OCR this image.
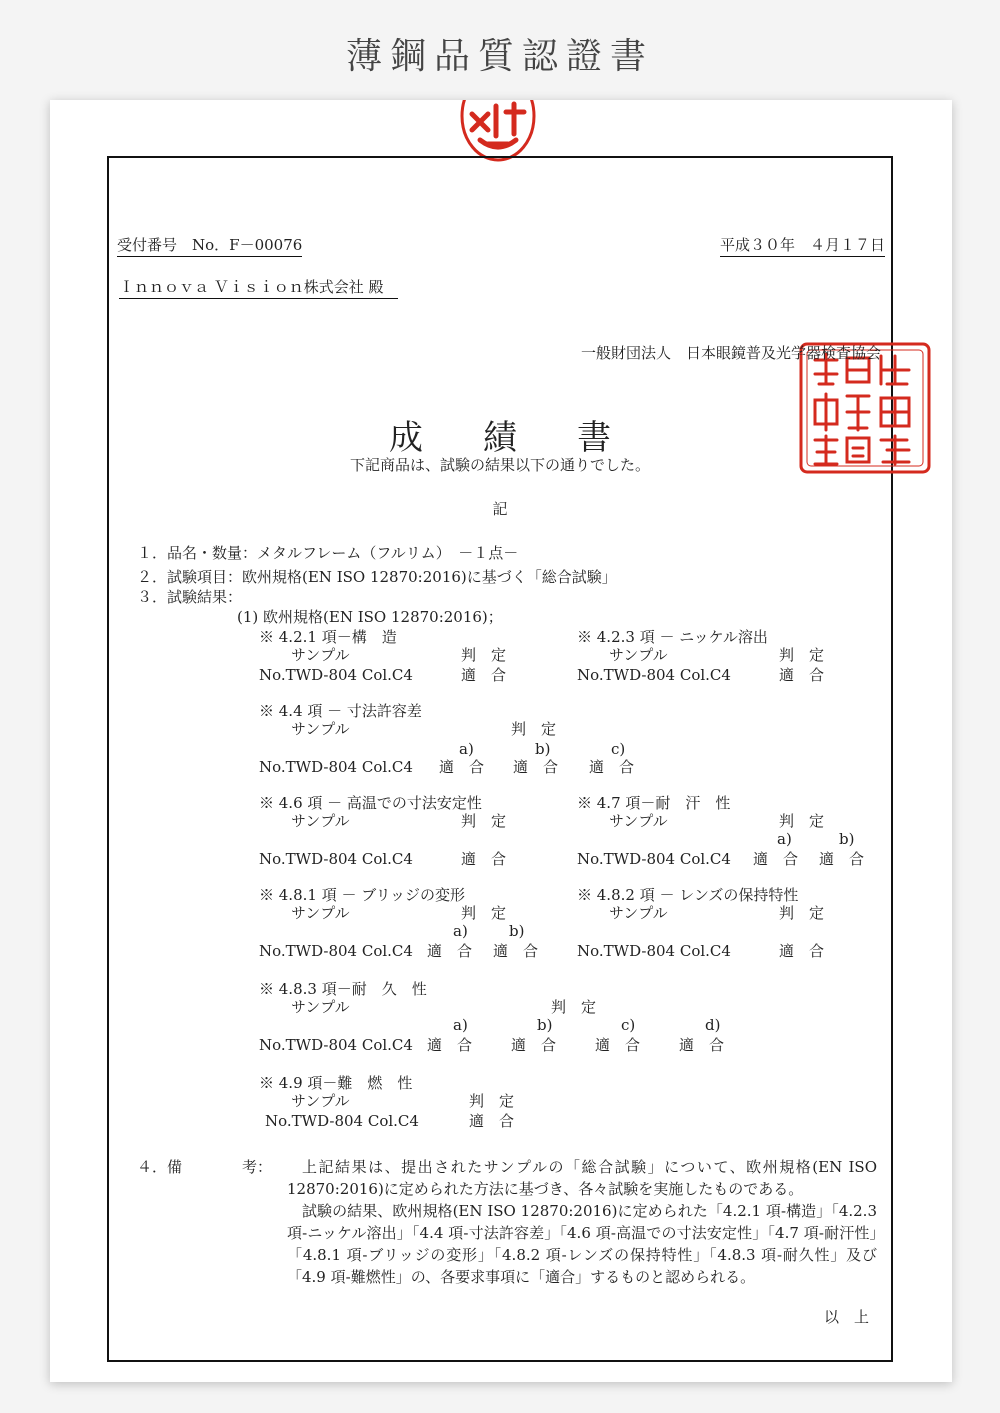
薄鋼品質認證書
受付番号　No．F－00076	平成３０年　４月１７日
Ｉｎｎｏｖａ Ｖｉｓｉｏｎ株式会社 殿
一般財団法人　日本眼鏡普及光学器検査協会
成績書
下記商品は、試験の結果以下の通りでした。
記
１．品名・数量：メタルフレーム（フルリム）　－１点－
２．試験項目：欧州規格(EN ISO 12870:2016)に基づく「総合試験」
３．試験結果：
(1) 欧州規格(EN ISO 12870:2016)；
※ 4.2.1 項－構　造
サンプル	判　定
No.TWD-804 Col.C4	適　合
※ 4.2.3 項 － ニッケル溶出
サンプル	判　定
No.TWD-804 Col.C4	適　合
※ 4.4 項 － 寸法許容差
サンプル	判　定
a)	b)	c)
No.TWD-804 Col.C4 適　合 適　合 適　合
※ 4.6 項 － 高温での寸法安定性
サンプル	判　定
No.TWD-804 Col.C4	適　合
※ 4.7 項－耐　汗　性
サンプル	判　定
a)	b)
No.TWD-804 Col.C4 適　合 適　合
※ 4.8.1 項 － ブリッジの変形
サンプル	判　定
a)	b)
No.TWD-804 Col.C4 適　合 適　合
※ 4.8.2 項 － レンズの保持特性
サンプル	判　定
No.TWD-804 Col.C4	適　合
※ 4.8.3 項－耐　久　性
サンプル	判　定
a)	b)	c)	d)
No.TWD-804 Col.C4 適　合	適　合	適　合	適　合
※ 4.9 項－難　燃　性
サンプル	判　定
No.TWD-804 Col.C4	適　合
４．備　　　　考：	上記結果は、提出されたサンプルの「総合試験」について、欧州規格(EN ISO 12870:2016)に定められた方法に基づき、各々試験を実施したものである。

試験の結果、欧州規格(EN ISO 12870:2016)に定められた「4.2.1 項-構造」「4.2.3 項-ニッケル溶出」「4.4 項-寸法許容差」「4.6 項-高温での寸法安定性」「4.7 項-耐汗性」「4.8.1 項-ブリッジの変形」「4.8.2 項-レンズの保持特性」「4.8.3 項-耐久性」及び「4.9 項-難燃性」の、各要求事項に「適合」するものと認められる。

以　上
